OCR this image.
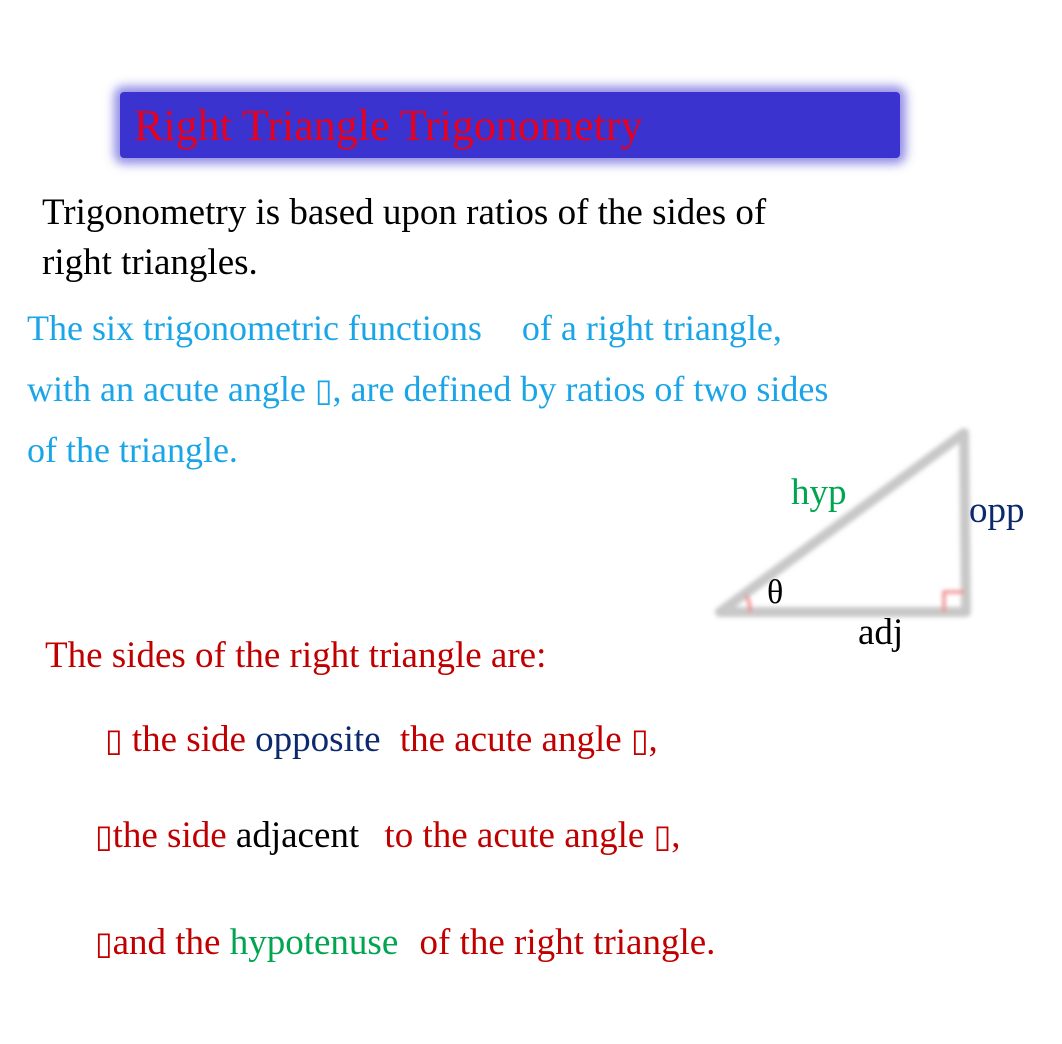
Right Triangle Trigonometry
Trigonometry is based upon ratios of the sides of
right triangles.
The six trigonometric functions of a right triangle,
with an acute angle ▯, are defined by ratios of two sides
of the triangle.
hyp	opp
adj
θ
The sides of the right triangle are:
▯ the side opposite the acute angle ▯,
▯the side adjacent to the acute angle ▯,
▯and the hypotenuse of the right triangle.
